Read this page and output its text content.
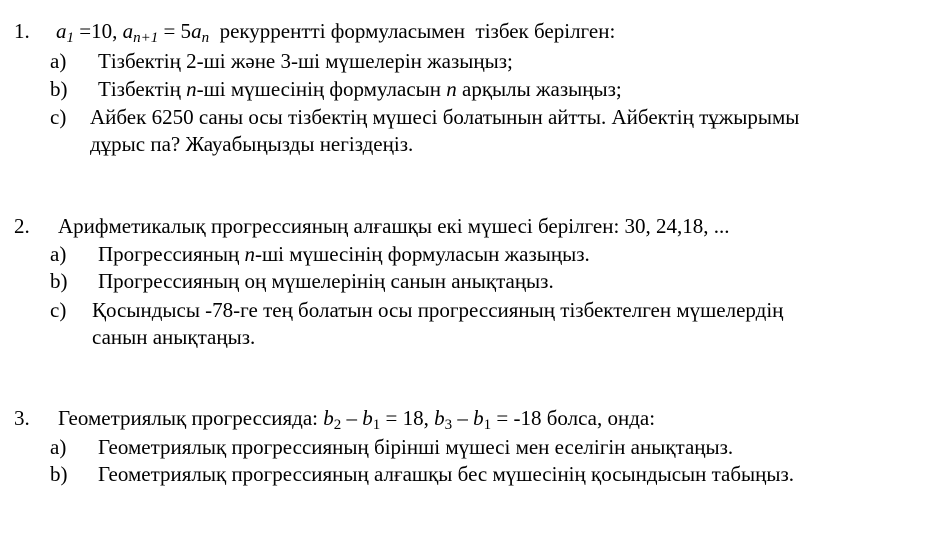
1. $a_1 =10$, $a_{n+1} = 5a_n$  рекуррентті формуласымен  тізбек берілген:
a) Тізбектің 2-ші және 3-ші мүшелерін жазыңыз;
b) Тізбектің n-ші мүшесінің формуласын n арқылы жазыңыз;
c) Айбек 6250 саны осы тізбектің мүшесі болатынын айтты. Айбектің тұжырымы
дұрыс па? Жауабыңызды негіздеңіз.
2. Арифметикалық прогрессияның алғашқы екі мүшесі берілген: 30, 24,18, ...
a) Прогрессияның n-ші мүшесінің формуласын жазыңыз.
b) Прогрессияның оң мүшелерінің санын анықтаңыз.
c) Қосындысы -78-ге тең болатын осы прогрессияның тізбектелген мүшелердің
санын анықтаңыз.
3. Геометриялық прогрессияда: $b_2 - b_1 = 18$, $b_3 - b_1 = -18$ болса, онда:
a) Геометриялық прогрессияның бірінші мүшесі мен еселігін анықтаңыз.
b) Геометриялық прогрессияның алғашқы бес мүшесінің қосындысын табыңыз.
